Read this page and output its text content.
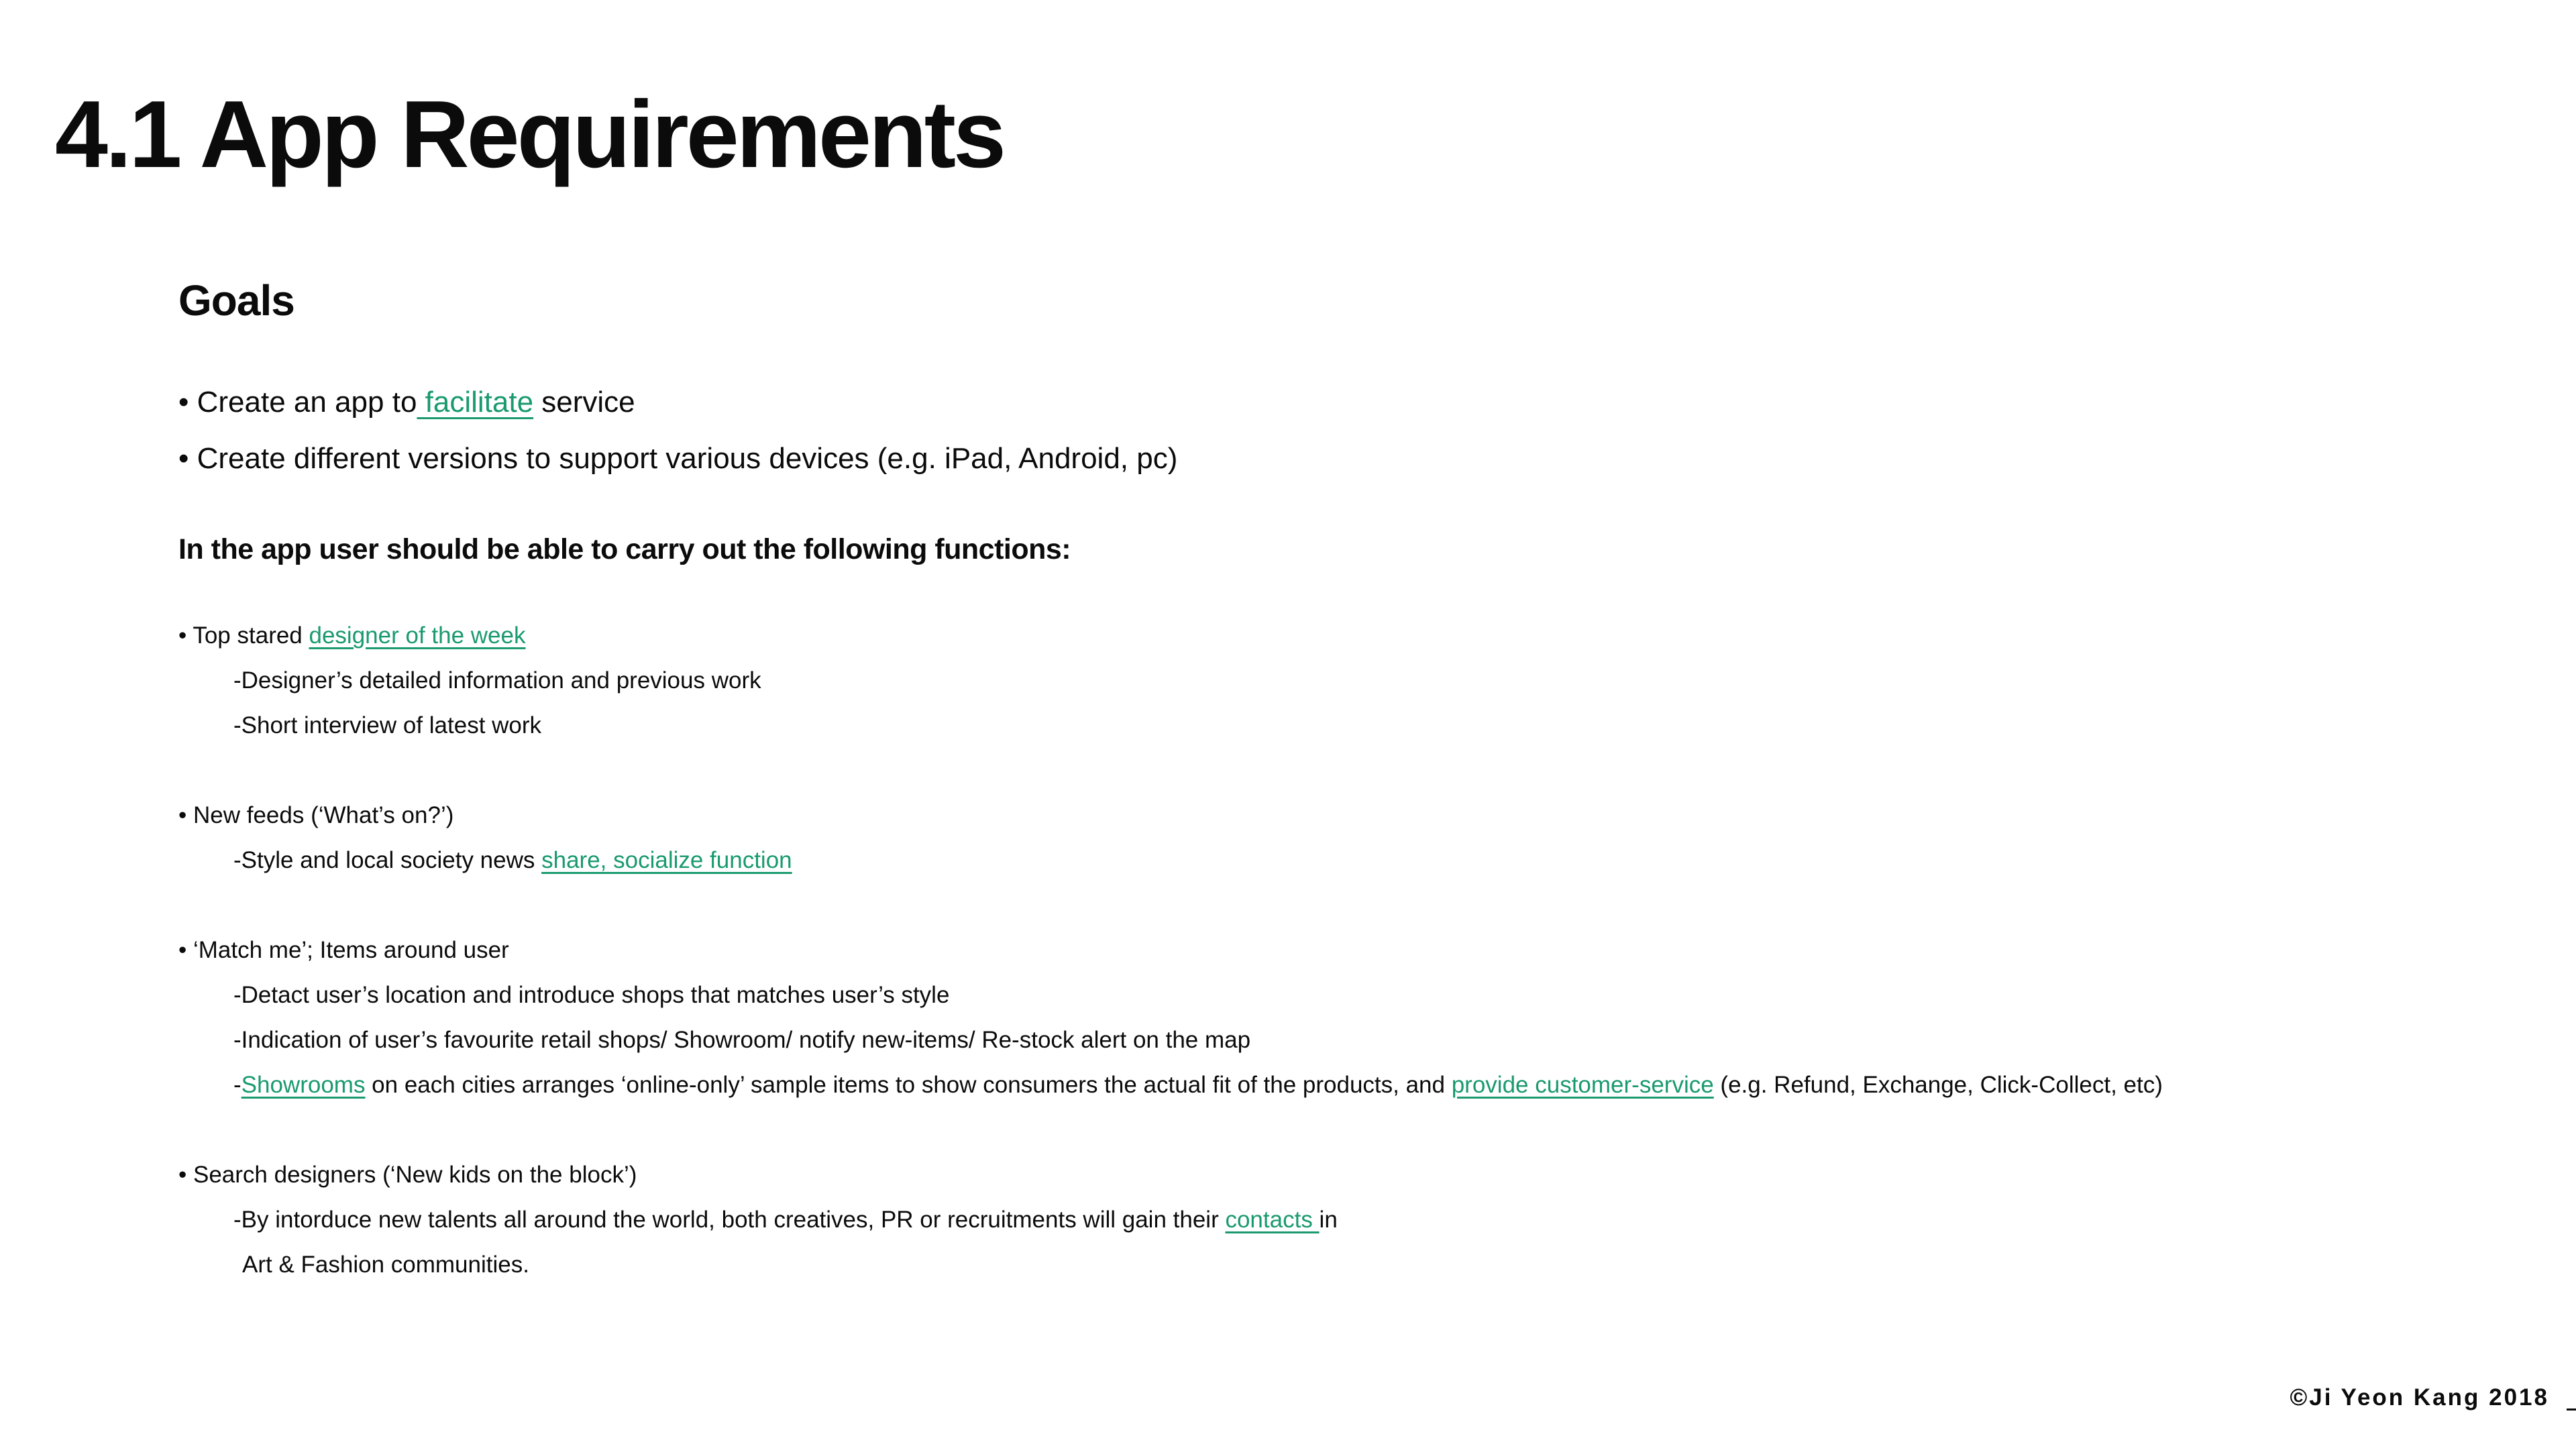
4.1 App Requirements
Goals
• Create an app to facilitate service
• Create different versions to support various devices (e.g. iPad, Android, pc)
In the app user should be able to carry out the following functions:
• Top stared designer of the week
-Designer’s detailed information and previous work
-Short interview of latest work
• New feeds (‘What’s on?’)
-Style and local society news share, socialize function
• ‘Match me’; Items around user
-Detact user’s location and introduce shops that matches user’s style
-Indication of user’s favourite retail shops/ Showroom/ notify new-items/ Re-stock alert on the map
-Showrooms on each cities arranges ‘online-only’ sample items to show consumers the actual fit of the products, and provide customer-service (e.g. Refund, Exchange, Click-Collect, etc)
• Search designers (‘New kids on the block’)
-By intorduce new talents all around the world, both creatives, PR or recruitments will gain their contacts in
Art & Fashion communities.
©Ji Yeon Kang 2018
